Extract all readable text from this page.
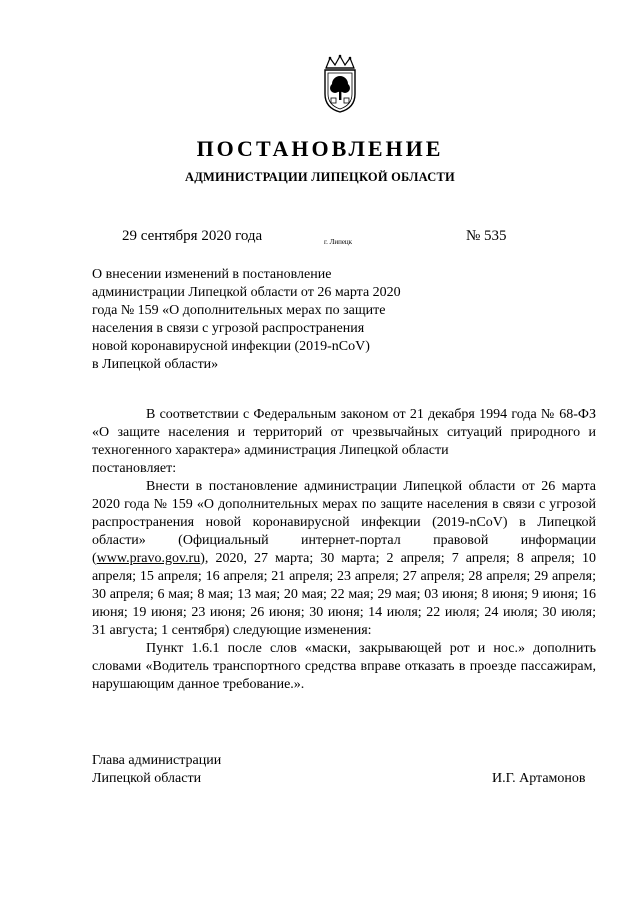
ПОСТАНОВЛЕНИЕ
АДМИНИСТРАЦИИ ЛИПЕЦКОЙ ОБЛАСТИ
29 сентября 2020 года	г. Липецк	№ 535
О внесении изменений в постановление
администрации Липецкой области от 26 марта 2020
года № 159 «О дополнительных мерах по защите
населения в связи с угрозой распространения
новой коронавирусной инфекции (2019-nCoV)
в Липецкой области»

В соответствии с Федеральным законом от 21 декабря 1994 года № 68-ФЗ «О защите населения и территорий от чрезвычайных ситуаций природного и техногенного характера» администрация Липецкой области

постановляет:

Внести в постановление администрации Липецкой области от 26 марта 2020 года № 159 «О дополнительных мерах по защите населения в связи с угрозой распространения новой коронавирусной инфекции (2019-nCoV) в Липецкой области» (Официальный интернет-портал правовой информации (www.pravo.gov.ru), 2020, 27 марта; 30 марта; 2 апреля; 7 апреля; 8 апреля; 10 апреля; 15 апреля; 16 апреля; 21 апреля; 23 апреля; 27 апреля; 28 апреля; 29 апреля; 30 апреля; 6 мая; 8 мая; 13 мая; 20 мая; 22 мая; 29 мая; 03 июня; 8 июня; 9 июня; 16 июня; 19 июня; 23 июня; 26 июня; 30 июня; 14 июля; 22 июля; 24 июля; 30 июля; 31 августа; 1 сентября) следующие изменения:

Пункт 1.6.1 после слов «маски, закрывающей рот и нос.» дополнить словами «Водитель транспортного средства вправе отказать в проезде пассажирам, нарушающим данное требование.».

Глава администрации
Липецкой области	И.Г. Артамонов
